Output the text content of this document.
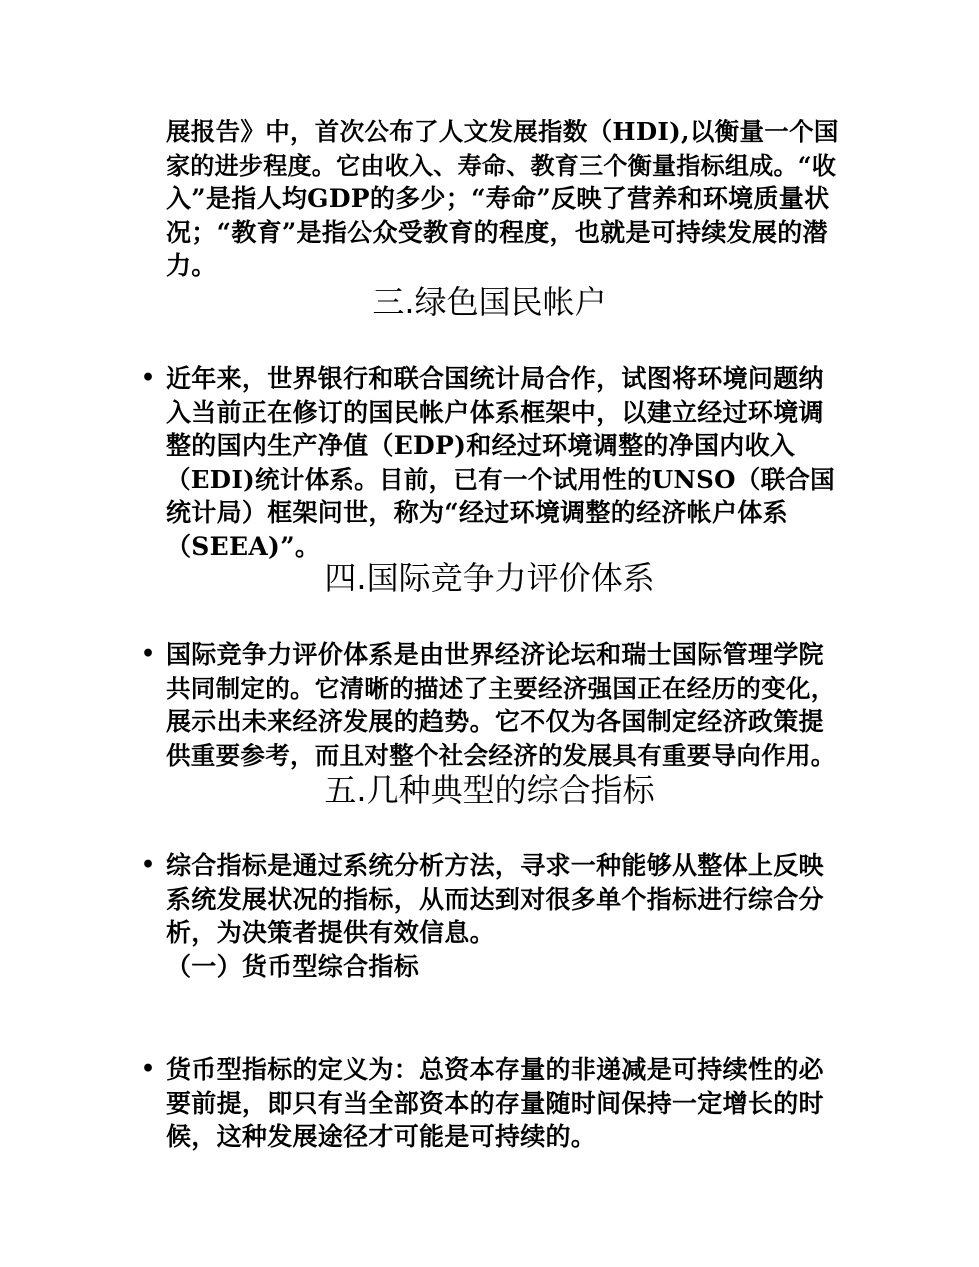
展报告》中，首次公布了人文发展指数（HDI),以衡量一个国
家的进步程度。它由收入、寿命、教育三个衡量指标组成。“收
入”是指人均GDP的多少；“寿命”反映了营养和环境质量状
况；“教育”是指公众受教育的程度，也就是可持续发展的潜
力。
三.绿色国民帐户
• 近年来，世界银行和联合国统计局合作，试图将环境问题纳
入当前正在修订的国民帐户体系框架中，以建立经过环境调
整的国内生产净值（EDP)和经过环境调整的净国内收入
（EDI)统计体系。目前，已有一个试用性的UNSO（联合国
统计局）框架问世，称为“经过环境调整的经济帐户体系
（SEEA)”。
四.国际竞争力评价体系
• 国际竞争力评价体系是由世界经济论坛和瑞士国际管理学院
共同制定的。它清晰的描述了主要经济强国正在经历的变化，
展示出未来经济发展的趋势。它不仅为各国制定经济政策提
供重要参考，而且对整个社会经济的发展具有重要导向作用。
五.几种典型的综合指标
• 综合指标是通过系统分析方法，寻求一种能够从整体上反映
系统发展状况的指标，从而达到对很多单个指标进行综合分
析，为决策者提供有效信息。
（一）货币型综合指标
• 货币型指标的定义为：总资本存量的非递减是可持续性的必
要前提，即只有当全部资本的存量随时间保持一定增长的时
候，这种发展途径才可能是可持续的。
